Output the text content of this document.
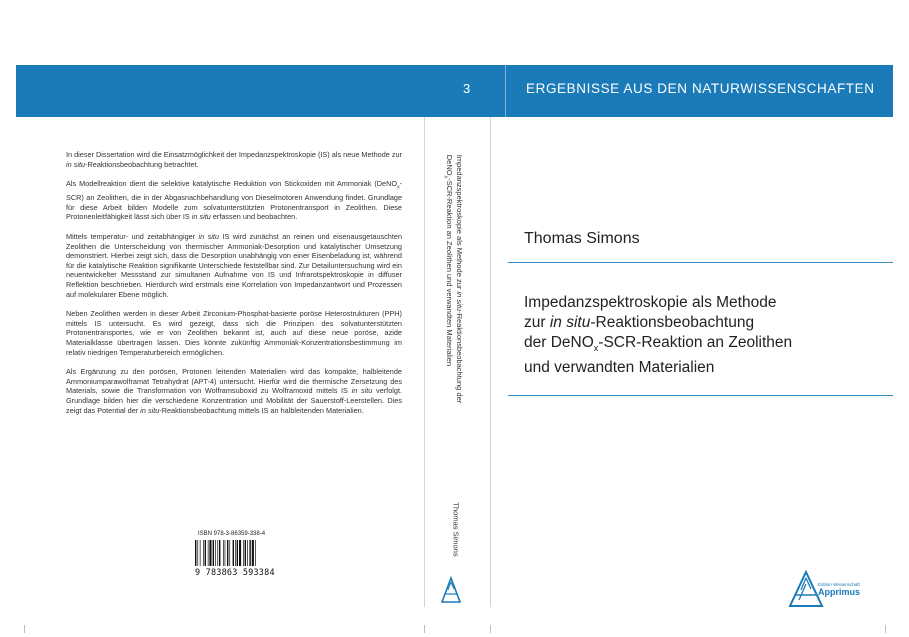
3	ERGEBNISSE AUS DEN NATURWISSENSCHAFTEN

In dieser Dissertation wird die Einsatzmöglichkeit der Impedanzspektroskopie (IS) als neue Methode zur in situ-Reaktionsbeobachtung betrachtet.

Als Modellreaktion dient die selektive katalytische Reduktion von Stickoxiden mit Ammoniak (DeNO$_x$-SCR) an Zeolithen, die in der Abgasnachbehandlung von Dieselmotoren Anwendung findet. Grundlage für diese Arbeit bilden Modelle zum solvatunterstützten Protonentransport in Zeolithen. Diese Protonenleitfähigkeit lässt sich über IS in situ erfassen und beobachten.

Mittels temperatur- und zeitabhängiger in situ IS wird zunächst an reinen und eisenausgetauschten Zeolithen die Unterscheidung von thermischer Ammoniak-Desorption und katalytischer Umsetzung demonstriert. Hierbei zeigt sich, dass die Desorption unabhängig von einer Eisenbeladung ist, während für die katalytische Reaktion signifikante Unterschiede feststellbar sind. Zur Detailuntersuchung wird ein neuentwickelter Messstand zur simultanen Aufnahme von IS und Infrarotspektroskopie in diffuser Reflektion beschrieben. Hierdurch wird erstmals eine Korrelation von Impedanzantwort und Prozessen auf molekularer Ebene möglich.

Neben Zeolithen werden in dieser Arbeit Zirconium-Phosphat-basierte poröse Heterostrukturen (PPH) mittels IS untersucht. Es wird gezeigt, dass sich die Prinzipen des solvatunterstützten Protonentransportes, wie er von Zeolithen bekannt ist, auch auf diese neue poröse, azide Materialklasse übertragen lassen. Dies könnte zukünftig Ammoniak-Konzentrationsbestimmung im relativ niedrigen Temperaturbereich ermöglichen.

Als Ergänzung zu den porösen, Protonen leitenden Materialien wird das kompakte, halbleitende Ammoniumparawolframat Tetrahydrat (APT-4) untersucht. Hierfür wird die thermische Zersetzung des Materials, sowie die Transformation von Wolframsuboxid zu Wolframoxid mittels IS in situ verfolgt. Grundlage bilden hier die verschiedene Konzentration und Mobilität der Sauerstoff-Leerstellen. Dies zeigt das Potential der in situ-Reaktionsbeobachtung mittels IS an halbleitenden Materialien.

ISBN 978-3-86359-338-4
9 783863 593384
Impedanzspektroskopie als Methode zur in situ-Reaktionsbeobachtung der
DeNO$_x$-SCR-Reaktion an Zeolithen und verwandten Materialien
Thomas Simons
Thomas Simons
Impedanzspektroskopie als Methode
zur in situ-Reaktionsbeobachtung
der DeNO$_x$-SCR-Reaktion an Zeolithen
und verwandten Materialien
Edition Wissenschaft
Apprimus
